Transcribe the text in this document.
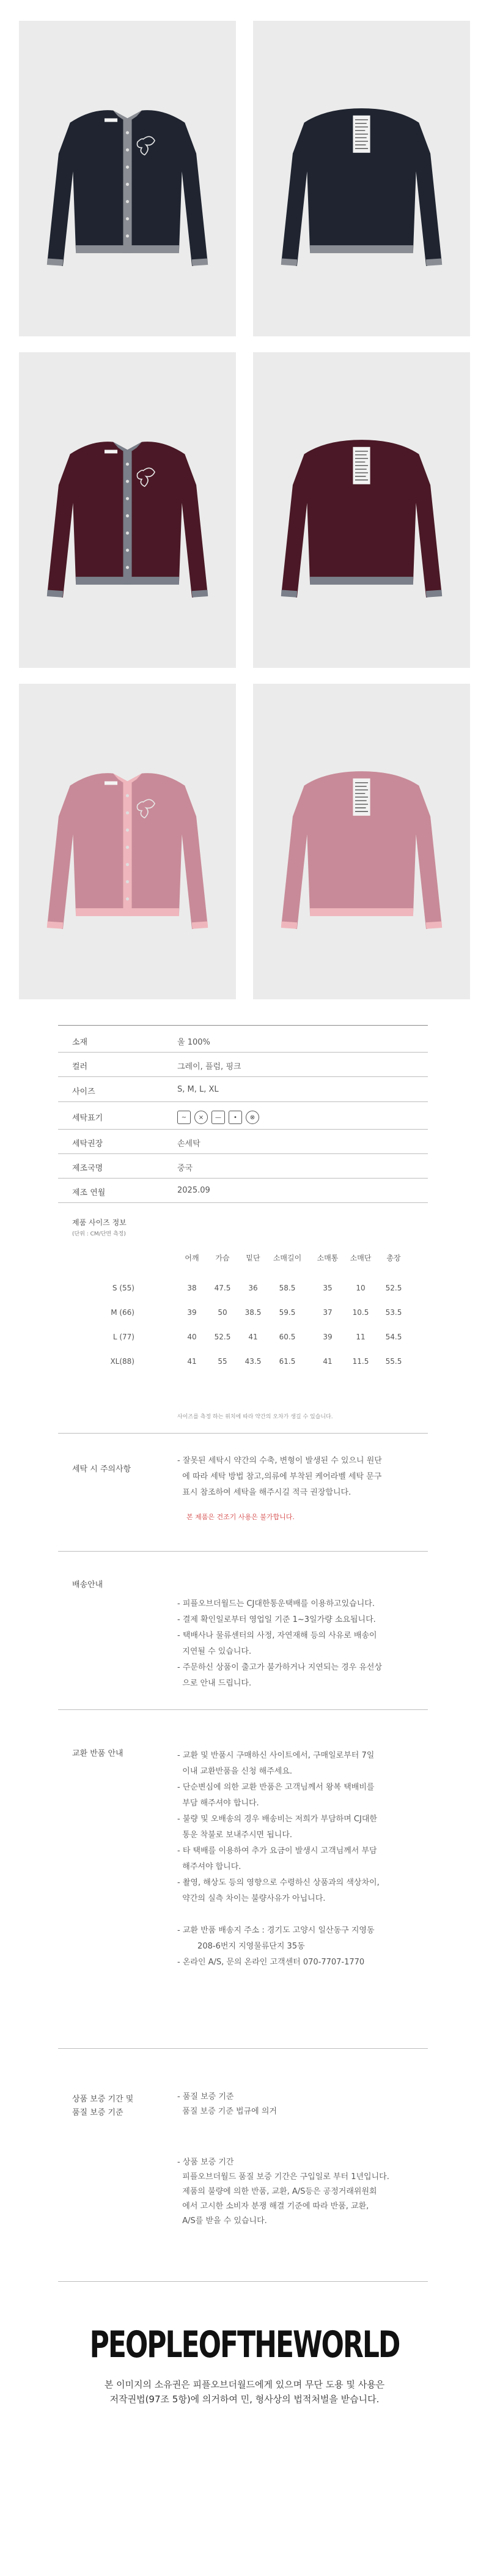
소재	울 100%
컬러	그레이, 플럼, 핑크
사이즈	S, M, L, XL
세탁표기	~	×	—	•	⊗
세탁권장	손세탁
제조국명	중국
제조 연월	2025.09
제품 사이즈 정보
(단위 : CM/단면 측정)
어깨	가슴	밑단	소매길이	소매통	소매단	총장
S (55)	38	47.5	36	58.5	35	10	52.5
M (66)	39	50	38.5	59.5	37	10.5	53.5
L (77)	40	52.5	41	60.5	39	11	54.5
XL(88)	41	55	43.5	61.5	41	11.5	55.5
사이즈를 측정 하는 위치에 따라 약간의 오차가 생길 수 있습니다.
세탁 시 주의사항
- 잘못된 세탁시 약간의 수축, 변형이 발생된 수 있으니 원단
에 따라 세탁 방법 참고,의류에 부착된 케어라벨 세탁 문구
표시 참조하여 세탁을 해주시길 적극 권장합니다.
본 제품은 건조기 사용은 불가합니다.
배송안내
- 피플오브더월드는 CJ대한통운택배를 이용하고있습니다.
- 결제 확인일로부터 영업일 기준 1~3일가량 소요됩니다.
- 택배사나 물류센터의 사정, 자연재해 등의 사유로 배송이
지연될 수 있습니다.
- 주문하신 상품이 출고가 불가하거나 지연되는 경우 유선상
으로 안내 드립니다.
교환 반품 안내	- 교환 및 반품시 구매하신 사이트에서, 구매일로부터 7일
이내 교환반품을 신청 해주세요.
- 단순변심에 의한 교환 반품은 고객님께서 왕복 택배비를
부담 해주셔야 합니다.
- 불량 및 오배송의 경우 배송비는 저희가 부담하며 CJ대한
통운 착불로 보내주시면 됩니다.
- 타 택배를 이용하여 추가 요금이 발생시 고객님께서 부담
해주셔야 합니다.
- 촬영, 해상도 등의 영향으로 수령하신 상품과의 색상차이,
약간의 실측 차이는 불량사유가 아닙니다.
- 교환 반품 배송지 주소 : 경기도 고양시 일산동구 지영동
208-6번지 지영물류단지 35동
- 온라인 A/S, 문의 온라인 고객센터 070-7707-1770
상품 보증 기간 및
품질 보증 기준
- 품질 보증 기준
품질 보증 기준 법규에 의거
- 상품 보증 기간
피플오브더월드 품질 보증 기간은 구입일로 부터 1년입니다.
제품의 불량에 의한 반품, 교환, A/S등은 공정거래위원회
에서 고시한 소비자 분쟁 해결 기준에 따라 반품, 교환,
A/S를 받을 수 있습니다.
PEOPLEOFTHEWORLD
본 이미지의 소유권은 피플오브더월드에게 있으며 무단 도용 및 사용은
저작권법(97조 5항)에 의거하여 민, 형사상의 법적처벌을 받습니다.
